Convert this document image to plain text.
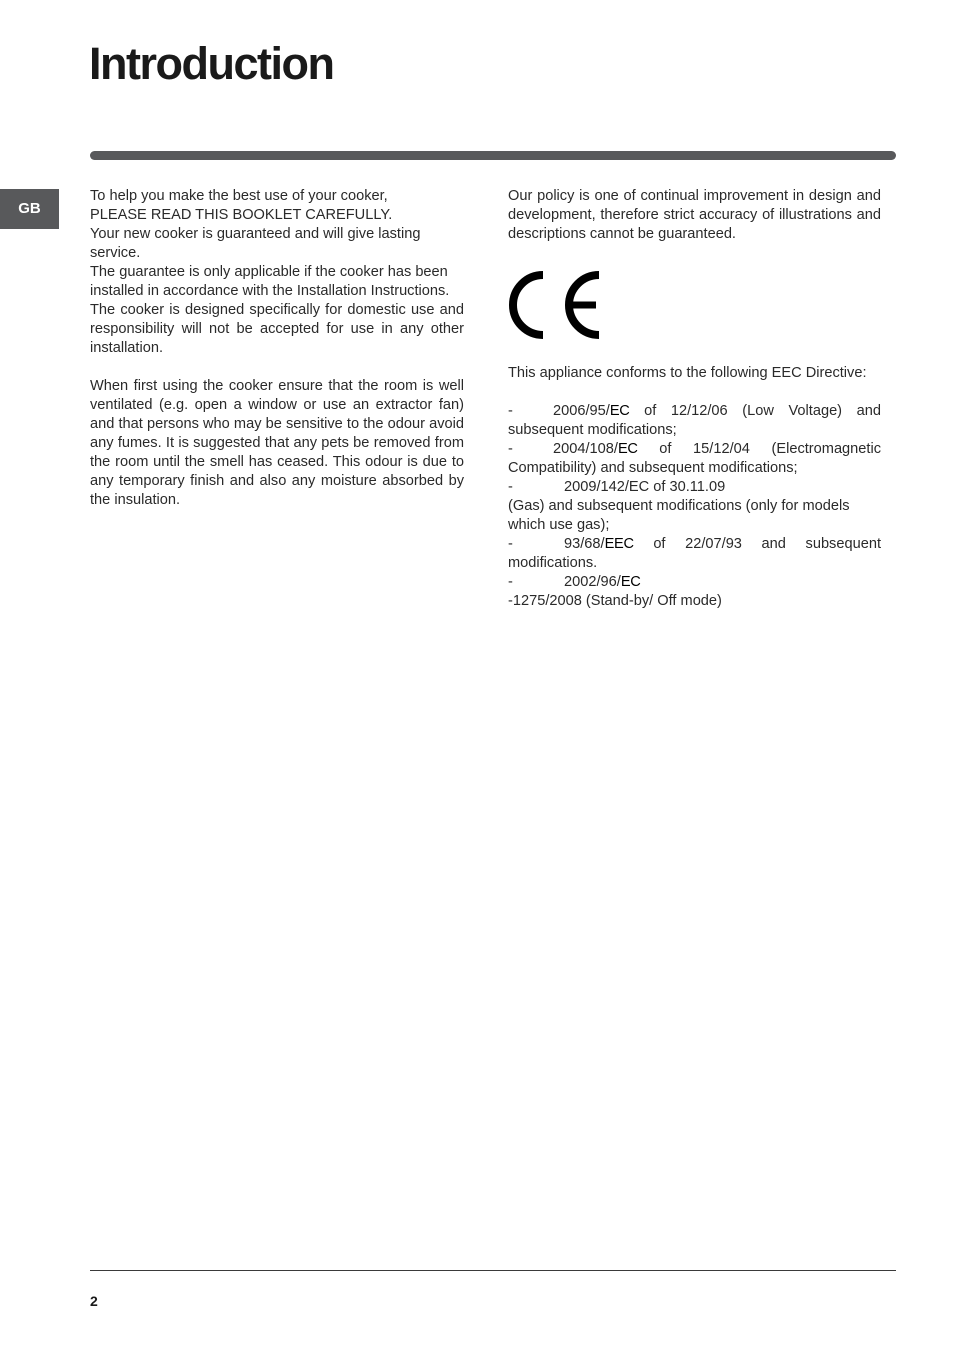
Introduction
GB

To help you make the best use of your cooker,

PLEASE READ THIS BOOKLET CAREFULLY.

Your new cooker is guaranteed and will give lasting service.

The guarantee is only applicable if the cooker has been installed in accordance with the Installation Instructions.

The cooker is designed specifically for domestic use and responsibility will not be accepted for use in any other installation.

When first using the cooker ensure that the room is well ventilated (e.g. open a window or use an extractor fan) and that persons who may be sensitive to the odour avoid any fumes. It is suggested that any pets be removed from the room until the smell has ceased. This odour is due to any temporary finish and also any moisture absorbed by the insulation.

Our policy is one of continual improvement in design and development, therefore strict accuracy of illustrations and descriptions cannot be guaranteed.

This appliance conforms to the following EEC Directive:

-	2006/95/EC of 12/12/06 (Low Voltage) and subsequent modifications;

-	2004/108/EC of 15/12/04 (Electromagnetic Compatibility) and subsequent modifications;

-	2009/142/EC of 30.11.09
(Gas) and subsequent modifications (only for models which use gas);

-	93/68/EEC of 22/07/93 and subsequent modifications.

-	2002/96/EC

-1275/2008 (Stand-by/ Off mode)

2
